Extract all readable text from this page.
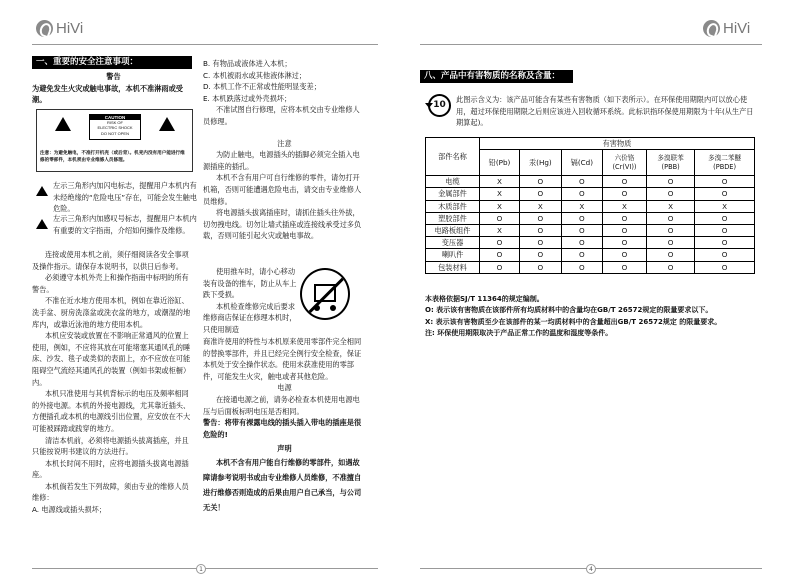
HiVi	HiVi
一、重要的安全注意事项：

警告

为避免发生火灾或触电事故，本机不准淋雨或受潮。

CAUTION
RISK OF
ELECTRIC SHOCK
DO NOT OPEN
注意：为避免触电，不准打开机壳（或后背）。机壳内没有用户能进行维修的零部件，本机须由专业维修人员修理。

左示三角形内加闪电标志，提醒用户本机内有未经绝缘的“危险电压”存在，可能会发生触电危险。

左示三角形内加感叹号标志，提醒用户本机内有重要的文字指南，介绍如何操作及维修。

连接或使用本机之前，须仔细阅读各安全事项及操作指示。请保存本说明书，以供日后参考。

必须遵守本机外壳上和操作指南中标明的所有警告。

不准在近水地方使用本机，例如在靠近浴缸、洗手盆、厨房洗涤盆或洗衣盆的地方，或潮湿的地库内，或靠近泳池的地方使用本机。

本机应安装或放置在不影响正常通风的位置上使用，例如，不应将其放在可能堵塞其通风孔的睡床、沙发、毯子或类似的表面上，亦不应放在可能阻碍空气流经其通风孔的装置（例如书架或柜橱）内。

本机只准使用与其机背标示的电压及频率相同的外接电源。本机的外接电源线，尤其靠近插头、方便插孔或本机的电源线引出位置，应安放在不大可能被踩踏或践穿的地方。

清洁本机前，必须将电源插头拔离插座，并且只能按说明书建议的方法进行。

本机长时间不用时，应将电源插头拔离电源插座。

本机倘若发生下列故障，须由专业的维修人员维修：

A. 电源线或插头损坏；

B. 有物品或液体进入本机；

C. 本机被雨水或其他液体淋过；

D. 本机工作不正常或性能明显变差；

E. 本机跌落过或外壳损坏；

不准试图自行修理，应将本机交由专业维修人员修理。

注意

为防止触电，电源插头的插脚必须完全插入电源插座的插孔。

本机不含有用户可自行维修的零件，请勿打开机箱，否则可能遭遇危险电击，请交由专业维修人员维修。

将电源插头拔离插座时，请抓住插头往外拔，切勿拽电线。切勿让墙式插座或连接线承受过多负载，否则可能引起火灾或触电事故。

使用推车时，请小心移动装有设备的推车，防止从车上跌下受损。

本机检查维修完成后要求维修商店保证在修理本机时，只使用制造

商准许使用的特性与本机原来使用零部件完全相同的替换零部件，并且已经完全例行安全检查，保证本机处于安全操作状态。使用未获准使用的零部件，可能发生火灾，触电或者其他危险。

电源

在接通电源之前，请务必检查本机使用电源电压与后面板标明电压是否相同。

警告：将带有裸露电线的插头插入带电的插座是很危险的!

声明

本机不含有用户能自行维修的零部件，如遇故障请参考说明书或由专业维修人员维修，不准擅自进行维修否则造成的后果由用户自己承当，与公司无关！

八、产品中有害物质的名称及含量：
10

此图示含义为：该产品可能含有某些有害物质（如下表所示）。在环保使用期限内可以放心使用，超过环保使用期限之后则应该进入回收循环系统。此标识指环保使用期限为十年(从生产日期算起)。

部件名称	有害物质					
	铅(Pb)	汞(Hg)	镉(Cd)	六价铬
(Cr(VI))	多溴联苯
(PBB)	多溴二苯醚
(PBDE)
电缆	X	O	O	O	O	O
金属部件	X	O	O	O	O	O
木质部件	X	X	X	X	X	X
塑胶部件	O	O	O	O	O	O
电路板组件	X	O	O	O	O	O
变压器	O	O	O	O	O	O
喇叭件	O	O	O	O	O	O
包装材料	O	O	O	O	O	O

本表格依据SJ/T 11364的规定编制。

O: 表示该有害物质在该部件所有均质材料中的含量均在GB/T 26572规定的限量要求以下。

X: 表示该有害物质至少在该部件的某一均质材料中的含量超出GB/T 26572规定 的限量要求。

注: 环保使用期限取决于产品正常工作的温度和湿度等条件。

1	4
